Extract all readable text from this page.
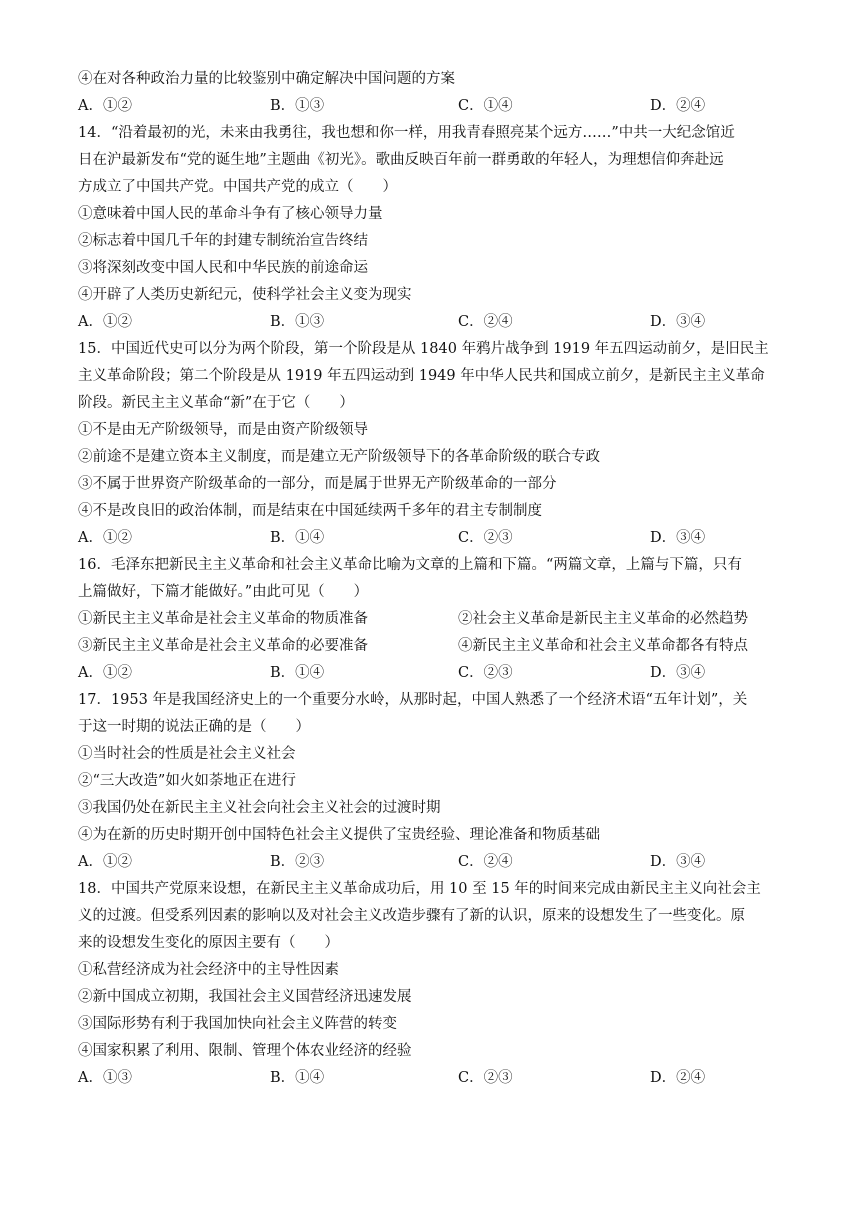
④在对各种政治力量的比较鉴别中确定解决中国问题的方案
A．①②	B．①③	C．①④	D．②④
14．“沿着最初的光，未来由我勇往，我也想和你一样，用我青春照亮某个远方……”中共一大纪念馆近
日在沪最新发布“党的诞生地”主题曲《初光》。歌曲反映百年前一群勇敢的年轻人，为理想信仰奔赴远
方成立了中国共产党。中国共产党的成立（　　）
①意味着中国人民的革命斗争有了核心领导力量
②标志着中国几千年的封建专制统治宣告终结
③将深刻改变中国人民和中华民族的前途命运
④开辟了人类历史新纪元，使科学社会主义变为现实
A．①②	B．①③	C．②④	D．③④
15．中国近代史可以分为两个阶段，第一个阶段是从 1840 年鸦片战争到 1919 年五四运动前夕，是旧民主
主义革命阶段；第二个阶段是从 1919 年五四运动到 1949 年中华人民共和国成立前夕，是新民主主义革命
阶段。新民主主义革命“新”在于它（　　）
①不是由无产阶级领导，而是由资产阶级领导
②前途不是建立资本主义制度，而是建立无产阶级领导下的各革命阶级的联合专政
③不属于世界资产阶级革命的一部分，而是属于世界无产阶级革命的一部分
④不是改良旧的政治体制，而是结束在中国延续两千多年的君主专制制度
A．①②	B．①④	C．②③	D．③④
16．毛泽东把新民主主义革命和社会主义革命比喻为文章的上篇和下篇。“两篇文章，上篇与下篇，只有
上篇做好，下篇才能做好。”由此可见（　　）
①新民主主义革命是社会主义革命的物质准备	②社会主义革命是新民主主义革命的必然趋势
③新民主主义革命是社会主义革命的必要准备	④新民主主义革命和社会主义革命都各有特点
A．①②	B．①④	C．②③	D．③④
17．1953 年是我国经济史上的一个重要分水岭，从那时起，中国人熟悉了一个经济术语“五年计划”，关
于这一时期的说法正确的是（　　）
①当时社会的性质是社会主义社会
②“三大改造”如火如荼地正在进行
③我国仍处在新民主主义社会向社会主义社会的过渡时期
④为在新的历史时期开创中国特色社会主义提供了宝贵经验、理论准备和物质基础
A．①②	B．②③	C．②④	D．③④
18．中国共产党原来设想，在新民主主义革命成功后，用 10 至 15 年的时间来完成由新民主主义向社会主
义的过渡。但受系列因素的影响以及对社会主义改造步骤有了新的认识，原来的设想发生了一些变化。原
来的设想发生变化的原因主要有（　　）
①私营经济成为社会经济中的主导性因素
②新中国成立初期，我国社会主义国营经济迅速发展
③国际形势有利于我国加快向社会主义阵营的转变
④国家积累了利用、限制、管理个体农业经济的经验
A．①③	B．①④	C．②③	D．②④
